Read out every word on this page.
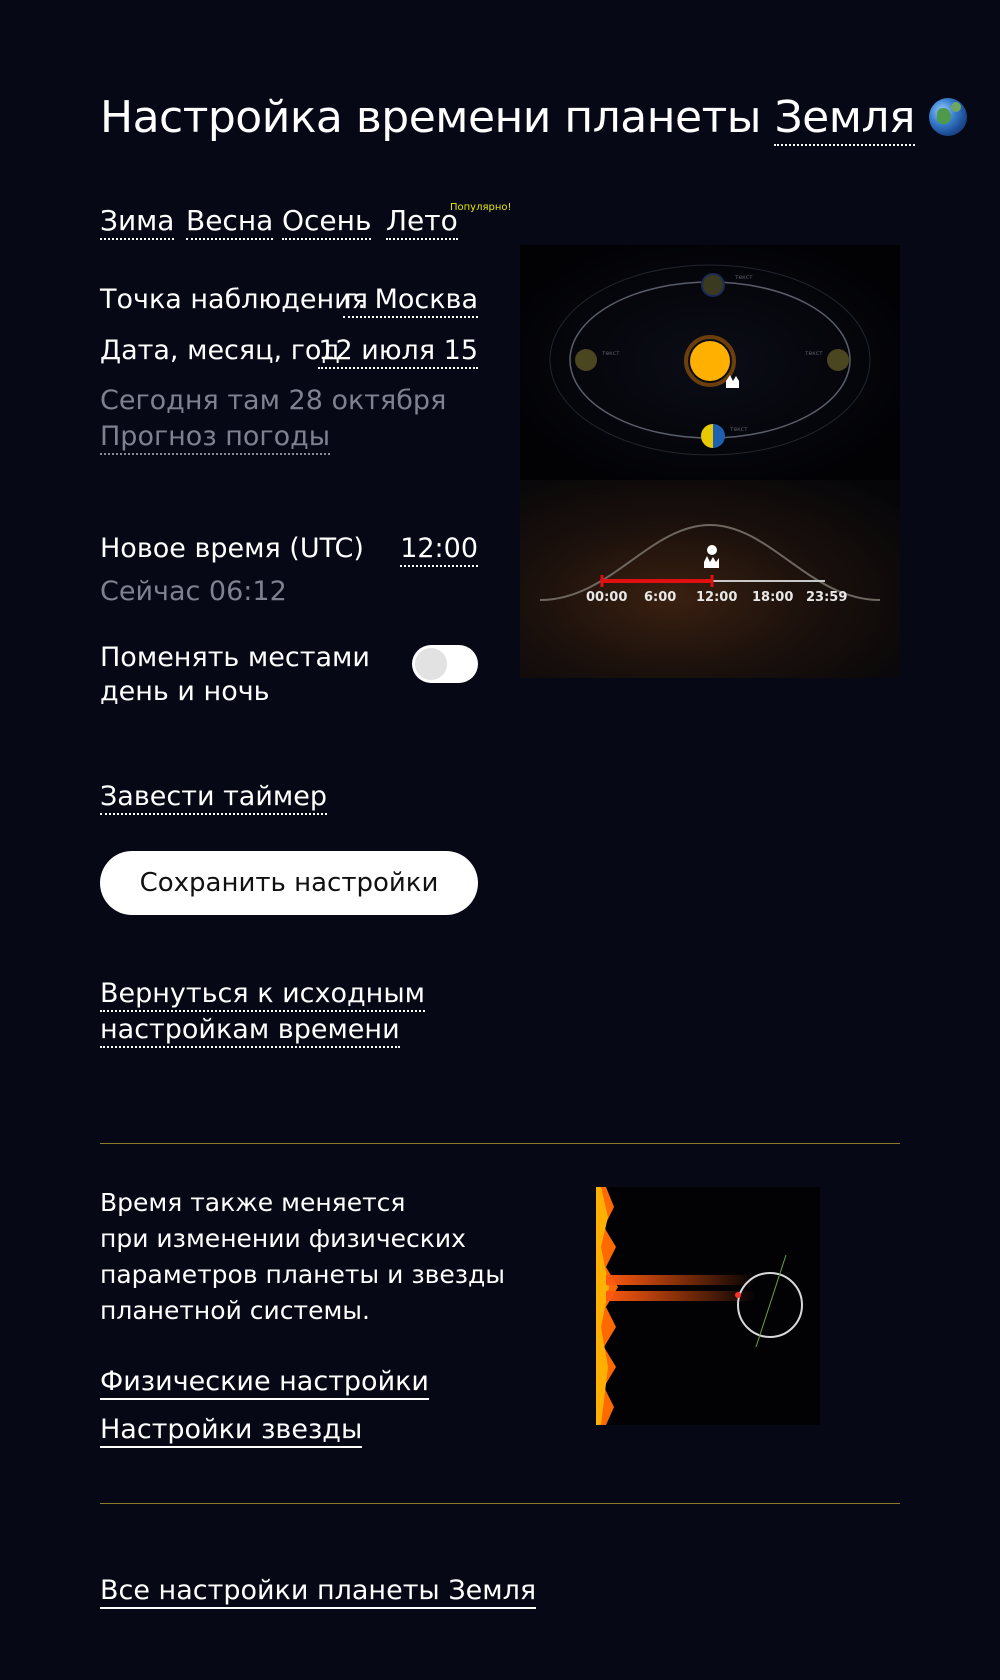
Настройка времени планеты Земля
Зима Весна Осень Лето
Популярно!
Точка наблюдения
г. Москва
Дата, месяц, год
12 июля 15
Сегодня там 28 октября
Прогноз погоды
Новое время (UTC) 12:00
Сейчас 06:12
Поменять местами
день и ночь
Завести таймер
Сохранить настройки
Вернуться к исходным
настройкам времени
текст
текст	текст
текст
00:00 6:00 12:00 18:00 23:59
Время также меняется
при изменении физических
параметров планеты и звезды
планетной системы.
Физические настройки
Настройки звезды
Все настройки планеты Земля
